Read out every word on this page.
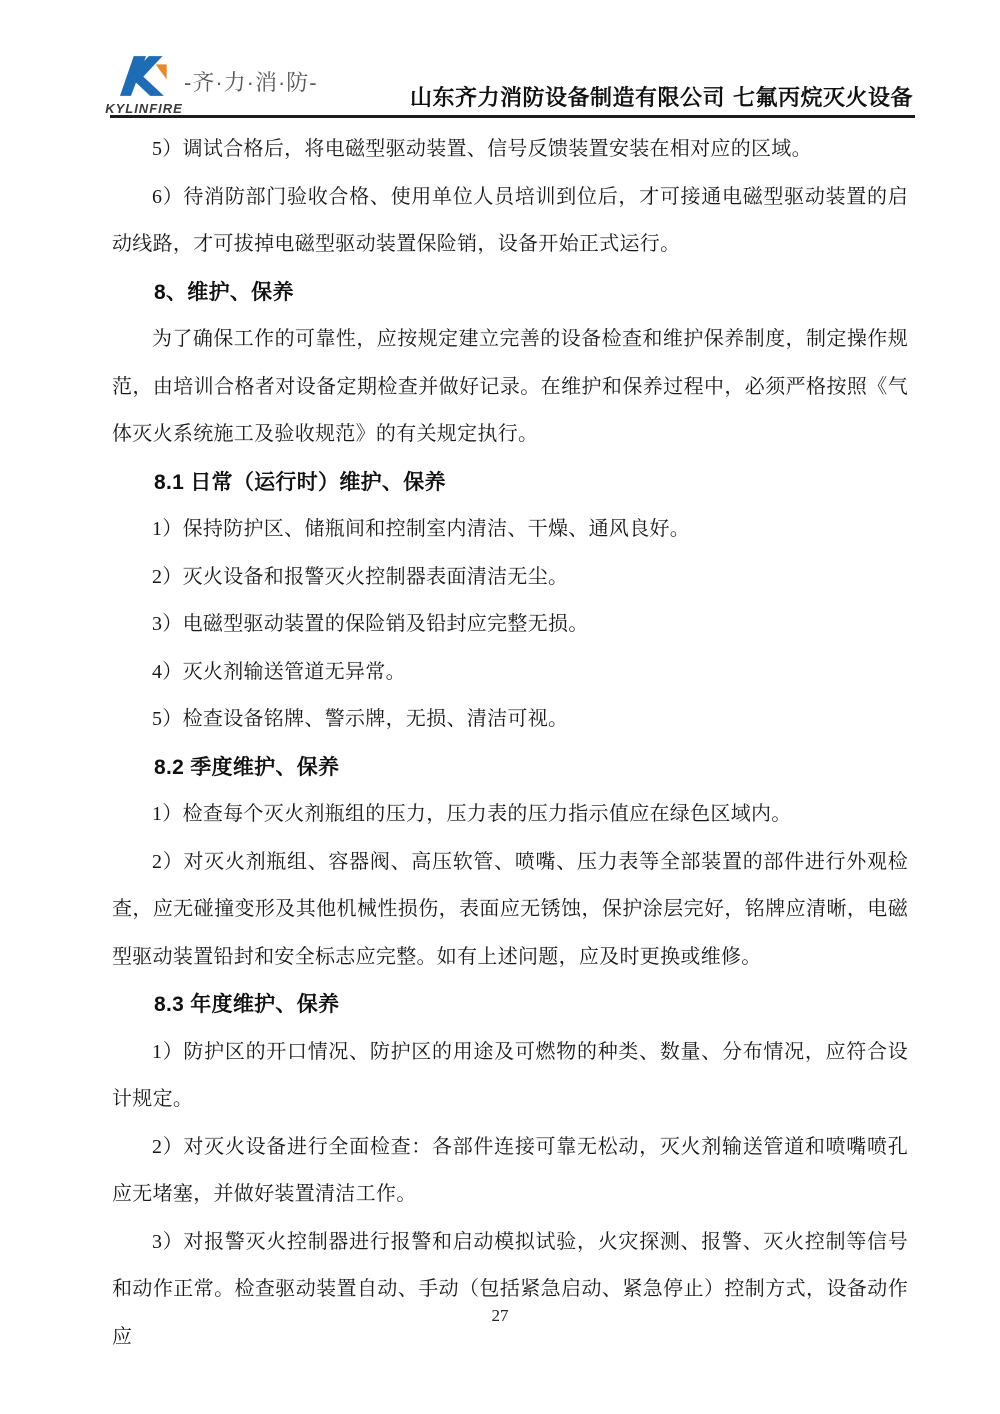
KYLINFIRE
-齐·力·消·防-
山东齐力消防设备制造有限公司 七氟丙烷灭火设备

5）调试合格后，将电磁型驱动装置、信号反馈装置安装在相对应的区域。

6）待消防部门验收合格、使用单位人员培训到位后，才可接通电磁型驱动装置的启动线路，才可拔掉电磁型驱动装置保险销，设备开始正式运行。

8、维护、保养

为了确保工作的可靠性，应按规定建立完善的设备检查和维护保养制度，制定操作规范，由培训合格者对设备定期检查并做好记录。在维护和保养过程中，必须严格按照《气体灭火系统施工及验收规范》的有关规定执行。

8.1 日常（运行时）维护、保养

1）保持防护区、储瓶间和控制室内清洁、干燥、通风良好。

2）灭火设备和报警灭火控制器表面清洁无尘。

3）电磁型驱动装置的保险销及铅封应完整无损。

4）灭火剂输送管道无异常。

5）检查设备铭牌、警示牌，无损、清洁可视。

8.2 季度维护、保养

1）检查每个灭火剂瓶组的压力，压力表的压力指示值应在绿色区域内。

2）对灭火剂瓶组、容器阀、高压软管、喷嘴、压力表等全部装置的部件进行外观检查，应无碰撞变形及其他机械性损伤，表面应无锈蚀，保护涂层完好，铭牌应清晰，电磁型驱动装置铅封和安全标志应完整。如有上述问题，应及时更换或维修。

8.3 年度维护、保养

1）防护区的开口情况、防护区的用途及可燃物的种类、数量、分布情况，应符合设计规定。

2）对灭火设备进行全面检查：各部件连接可靠无松动，灭火剂输送管道和喷嘴喷孔应无堵塞，并做好装置清洁工作。

3）对报警灭火控制器进行报警和启动模拟试验，火灾探测、报警、灭火控制等信号和动作正常。检查驱动装置自动、手动（包括紧急启动、紧急停止）控制方式，设备动作应

27
